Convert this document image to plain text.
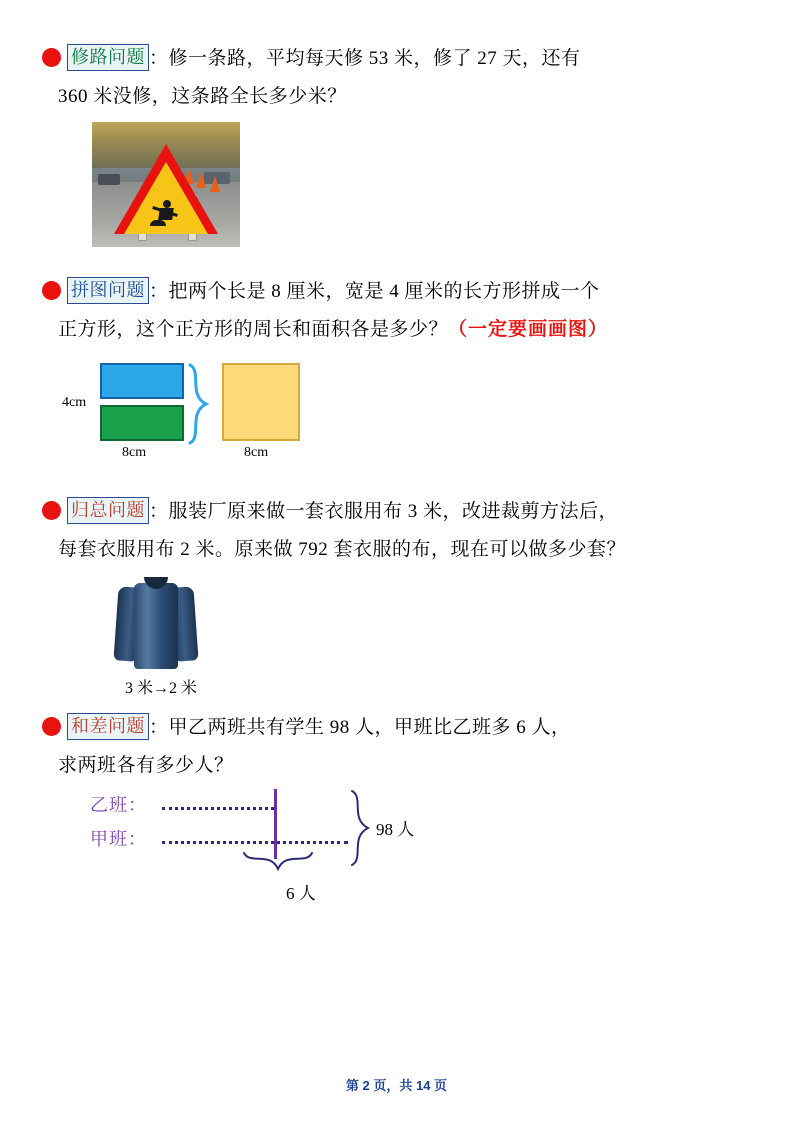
修路问题 ：修一条路，平均每天修 53 米，修了 27 天，还有
360 米没修，这条路全长多少米？
拼图问题 ：把两个长是 8 厘米，宽是 4 厘米的长方形拼成一个
正方形，这个正方形的周长和面积各是多少？（一定要画画图）
4cm
8cm	8cm
归总问题 ：服装厂原来做一套衣服用布 3 米，改进裁剪方法后，
每套衣服用布 2 米。原来做 792 套衣服的布，现在可以做多少套？
3 米→2 米
和差问题 ：甲乙两班共有学生 98 人，甲班比乙班多 6 人，
求两班各有多少人？
乙班：
甲班：	98 人
6 人
第 2 页，共 14 页
